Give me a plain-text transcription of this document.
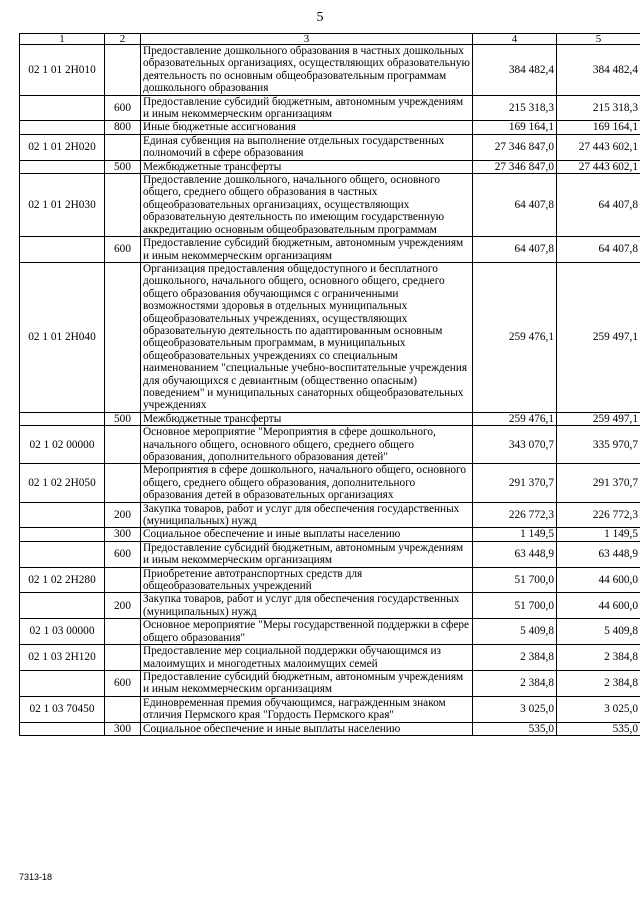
5
1	2	3	4	5
02 1 01 2Н010		Предоставление дошкольного образования в частных дошкольных образовательных организациях, осуществляющих образовательную деятельность по основным общеобразовательным программам дошкольного образования	384 482,4	384 482,4
	600	Предоставление субсидий бюджетным, автономным учреждениям и иным некоммерческим организациям	215 318,3	215 318,3
	800	Иные бюджетные ассигнования	169 164,1	169 164,1
02 1 01 2Н020		Единая субвенция на выполнение отдельных государственных полномочий в сфере образования	27 346 847,0	27 443 602,1
	500	Межбюджетные трансферты	27 346 847,0	27 443 602,1
02 1 01 2Н030		Предоставление дошкольного, начального общего, основного общего, среднего общего образования в частных общеобразовательных организациях, осуществляющих образовательную деятельность по имеющим государственную аккредитацию основным общеобразовательным программам	64 407,8	64 407,8
	600	Предоставление субсидий бюджетным, автономным учреждениям и иным некоммерческим организациям	64 407,8	64 407,8
02 1 01 2Н040		Организация предоставления общедоступного и бесплатного дошкольного, начального общего, основного общего, среднего общего образования обучающимся с ограниченными возможностями здоровья в отдельных муниципальных общеобразовательных учреждениях, осуществляющих образовательную деятельность по адаптированным основным общеобразовательным программам, в муниципальных общеобразовательных учреждениях со специальным наименованием "специальные учебно-воспитательные учреждения для обучающихся с девиантным (общественно опасным) поведением" и муниципальных санаторных общеобразовательных учреждениях	259 476,1	259 497,1
	500	Межбюджетные трансферты	259 476,1	259 497,1
02 1 02 00000		Основное мероприятие "Мероприятия в сфере дошкольного, начального общего, основного общего, среднего общего образования, дополнительного образования детей"	343 070,7	335 970,7
02 1 02 2Н050		Мероприятия в сфере дошкольного, начального общего, основного общего, среднего общего образования, дополнительного образования детей в образовательных организациях	291 370,7	291 370,7
	200	Закупка товаров, работ и услуг для обеспечения государственных (муниципальных) нужд	226 772,3	226 772,3
	300	Социальное обеспечение и иные выплаты населению	1 149,5	1 149,5
	600	Предоставление субсидий бюджетным, автономным учреждениям и иным некоммерческим организациям	63 448,9	63 448,9
02 1 02 2Н280		Приобретение автотранспортных средств для общеобразовательных учреждений	51 700,0	44 600,0
	200	Закупка товаров, работ и услуг для обеспечения государственных (муниципальных) нужд	51 700,0	44 600,0
02 1 03 00000		Основное мероприятие "Меры государственной поддержки в сфере общего образования"	5 409,8	5 409,8
02 1 03 2Н120		Предоставление мер социальной поддержки обучающимся из малоимущих и многодетных малоимущих семей	2 384,8	2 384,8
	600	Предоставление субсидий бюджетным, автономным учреждениям и иным некоммерческим организациям	2 384,8	2 384,8
02 1 03 70450		Единовременная премия обучающимся, награжденным знаком отличия Пермского края "Гордость Пермского края"	3 025,0	3 025,0
	300	Социальное обеспечение и иные выплаты населению	535,0	535,0
7313-18
